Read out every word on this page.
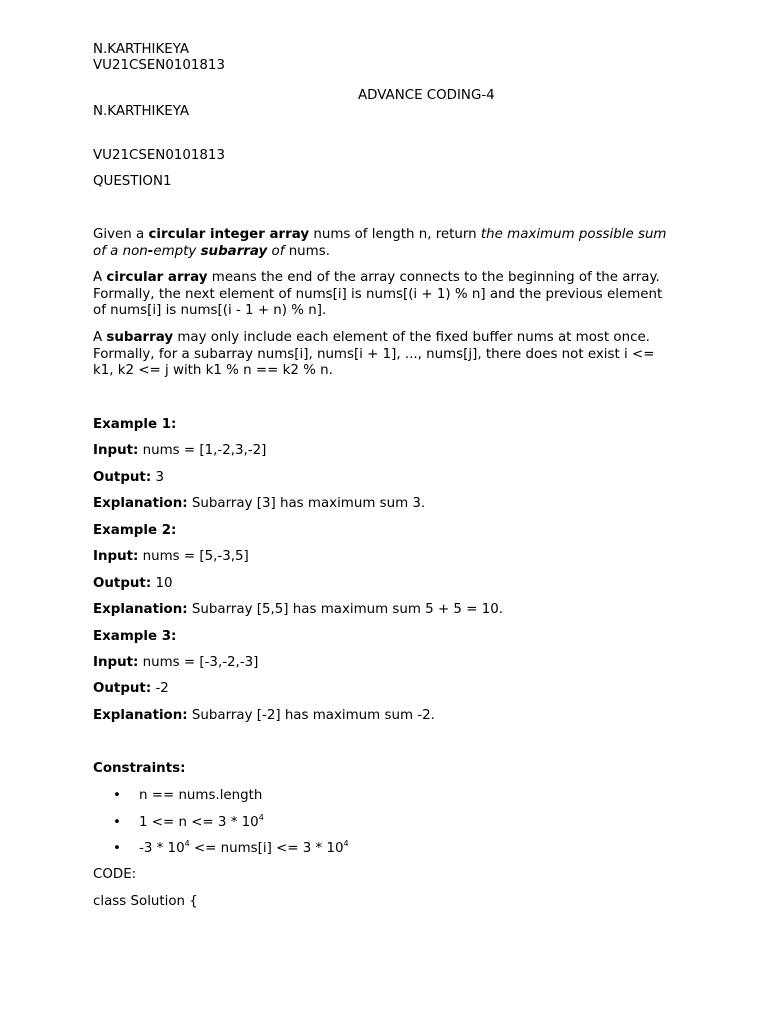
N.KARTHIKEYA
VU21CSEN0101813
ADVANCE CODING-4
N.KARTHIKEYA
VU21CSEN0101813
QUESTION1
Given a circular integer array nums of length n, return the maximum possible sum of a non-empty subarray of nums.
A circular array means the end of the array connects to the beginning of the array. Formally, the next element of nums[i] is nums[(i + 1) % n] and the previous element of nums[i] is nums[(i - 1 + n) % n].
A subarray may only include each element of the fixed buffer nums at most once. Formally, for a subarray nums[i], nums[i + 1], ..., nums[j], there does not exist i <= k1, k2 <= j with k1 % n == k2 % n.
Example 1:
Input: nums = [1,-2,3,-2]
Output: 3
Explanation: Subarray [3] has maximum sum 3.
Example 2:
Input: nums = [5,-3,5]
Output: 10
Explanation: Subarray [5,5] has maximum sum 5 + 5 = 10.
Example 3:
Input: nums = [-3,-2,-3]
Output: -2
Explanation: Subarray [-2] has maximum sum -2.
Constraints:
• n == nums.length
• $1 <= n <= 3 * 10^4$
• $-3 * 10^4$ <= nums[i] <= $3 * 10^4$
CODE:
class Solution {
